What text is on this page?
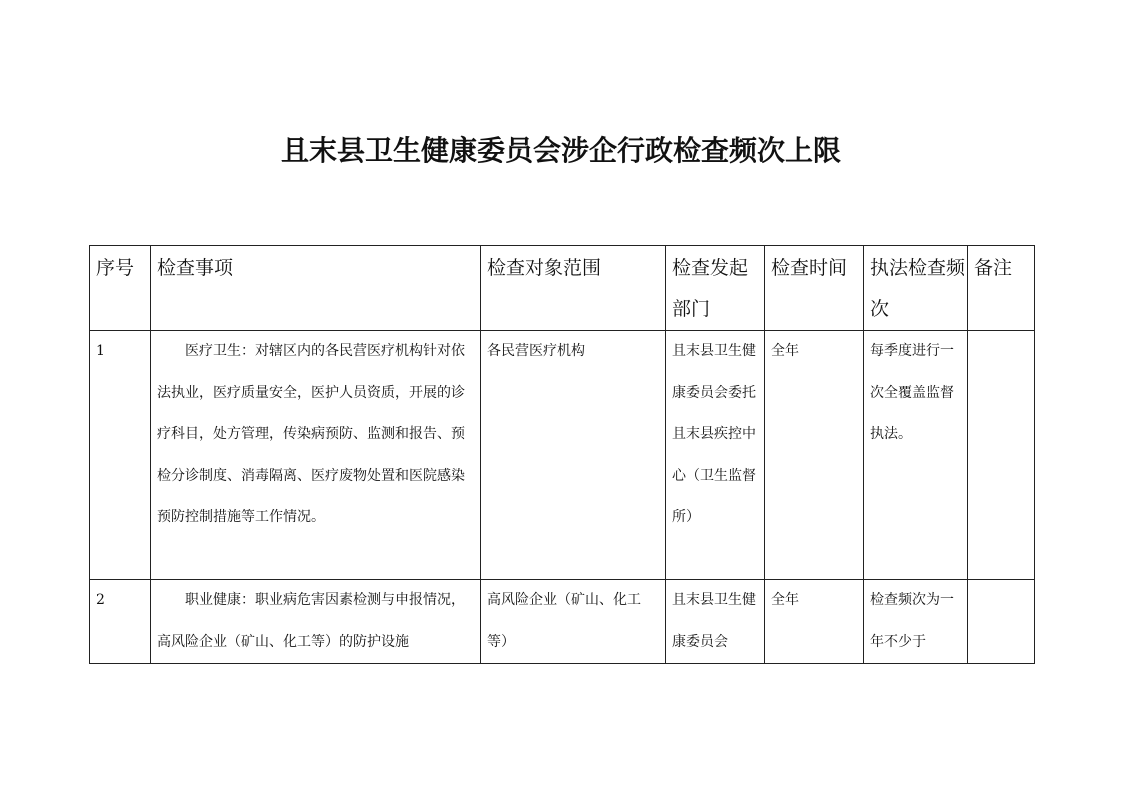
且末县卫生健康委员会涉企行政检查频次上限
序号	检查事项	检查对象范围	检查发起部门	检查时间	执法检查频次	备注
1	医疗卫生：对辖区内的各民营医疗机构针对依法执业，医疗质量安全，医护人员资质，开展的诊疗科目，处方管理，传染病预防、监测和报告、预检分诊制度、消毒隔离、医疗废物处置和医院感染预防控制措施等工作情况。	各民营医疗机构	且末县卫生健康委员会委托且末县疾控中心（卫生监督所）	全年	每季度进行一次全覆盖监督执法。	
2	职业健康：职业病危害因素检测与申报情况，高风险企业（矿山、化工等）的防护设施	高风险企业（矿山、化工等）	且末县卫生健康委员会	全年	检查频次为一年不少于	
